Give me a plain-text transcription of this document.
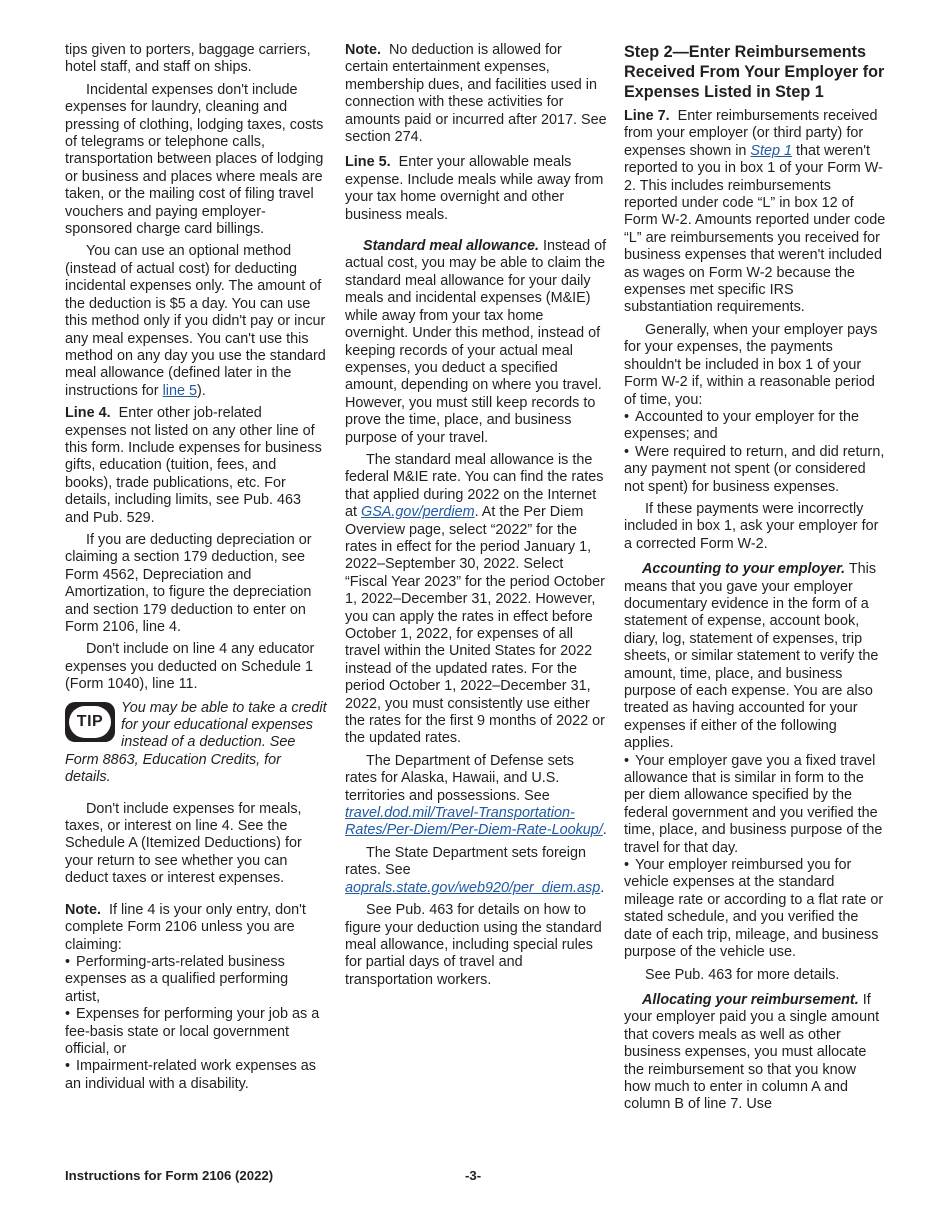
tips given to porters, baggage carriers, hotel staff, and staff on ships.

Incidental expenses don't include expenses for laundry, cleaning and pressing of clothing, lodging taxes, costs of telegrams or telephone calls, transportation between places of lodging or business and places where meals are taken, or the mailing cost of filing travel vouchers and paying employer-sponsored charge card billings.

You can use an optional method (instead of actual cost) for deducting incidental expenses only. The amount of the deduction is $5 a day. You can use this method only if you didn't pay or incur any meal expenses. You can't use this method on any day you use the standard meal allowance (defined later in the instructions for line 5).

Line 4. Enter other job-related expenses not listed on any other line of this form. Include expenses for business gifts, education (tuition, fees, and books), trade publications, etc. For details, including limits, see Pub. 463 and Pub. 529.

If you are deducting depreciation or claiming a section 179 deduction, see Form 4562, Depreciation and Amortization, to figure the depreciation and section 179 deduction to enter on Form 2106, line 4.

Don't include on line 4 any educator expenses you deducted on Schedule 1 (Form 1040), line 11.

TIP
You may be able to take a credit for your educational expenses instead of a deduction. See Form 8863, Education Credits, for details.

Don't include expenses for meals, taxes, or interest on line 4. See the Schedule A (Itemized Deductions) for your return to see whether you can deduct taxes or interest expenses.

Note. If line 4 is your only entry, don't complete Form 2106 unless you are claiming:

• Performing-arts-related business expenses as a qualified performing artist,

• Expenses for performing your job as a fee-basis state or local government official, or

• Impairment-related work expenses as an individual with a disability.

Note. No deduction is allowed for certain entertainment expenses, membership dues, and facilities used in connection with these activities for amounts paid or incurred after 2017. See section 274.

Line 5. Enter your allowable meals expense. Include meals while away from your tax home overnight and other business meals.

Standard meal allowance. Instead of actual cost, you may be able to claim the standard meal allowance for your daily meals and incidental expenses (M&IE) while away from your tax home overnight. Under this method, instead of keeping records of your actual meal expenses, you deduct a specified amount, depending on where you travel. However, you must still keep records to prove the time, place, and business purpose of your travel.

The standard meal allowance is the federal M&IE rate. You can find the rates that applied during 2022 on the Internet at GSA.gov/perdiem. At the Per Diem Overview page, select “2022” for the rates in effect for the period January 1, 2022–September 30, 2022. Select “Fiscal Year 2023” for the period October 1, 2022–December 31, 2022. However, you can apply the rates in effect before October 1, 2022, for expenses of all travel within the United States for 2022 instead of the updated rates. For the period October 1, 2022–December 31, 2022, you must consistently use either the rates for the first 9 months of 2022 or the updated rates.

The Department of Defense sets rates for Alaska, Hawaii, and U.S. territories and possessions. See travel.dod.mil/Travel-Transportation-Rates/Per-Diem/Per-Diem-Rate-Lookup/.

The State Department sets foreign rates. See aoprals.state.gov/web920/per_diem.asp.

See Pub. 463 for details on how to figure your deduction using the standard meal allowance, including special rules for partial days of travel and transportation workers.

Step 2—Enter Reimbursements Received From Your Employer for Expenses Listed in Step 1

Line 7. Enter reimbursements received from your employer (or third party) for expenses shown in Step 1 that weren't reported to you in box 1 of your Form W-2. This includes reimbursements reported under code “L” in box 12 of Form W-2. Amounts reported under code “L” are reimbursements you received for business expenses that weren't included as wages on Form W-2 because the expenses met specific IRS substantiation requirements.

Generally, when your employer pays for your expenses, the payments shouldn't be included in box 1 of your Form W-2 if, within a reasonable period of time, you:

• Accounted to your employer for the expenses; and

• Were required to return, and did return, any payment not spent (or considered not spent) for business expenses.

If these payments were incorrectly included in box 1, ask your employer for a corrected Form W-2.

Accounting to your employer. This means that you gave your employer documentary evidence in the form of a statement of expense, account book, diary, log, statement of expenses, trip sheets, or similar statement to verify the amount, time, place, and business purpose of each expense. You are also treated as having accounted for your expenses if either of the following applies.

• Your employer gave you a fixed travel allowance that is similar in form to the per diem allowance specified by the federal government and you verified the time, place, and business purpose of the travel for that day.

• Your employer reimbursed you for vehicle expenses at the standard mileage rate or according to a flat rate or stated schedule, and you verified the date of each trip, mileage, and business purpose of the vehicle use.

See Pub. 463 for more details.

Allocating your reimbursement. If your employer paid you a single amount that covers meals as well as other business expenses, you must allocate the reimbursement so that you know how much to enter in column A and column B of line 7. Use

Instructions for Form 2106 (2022)	-3-
